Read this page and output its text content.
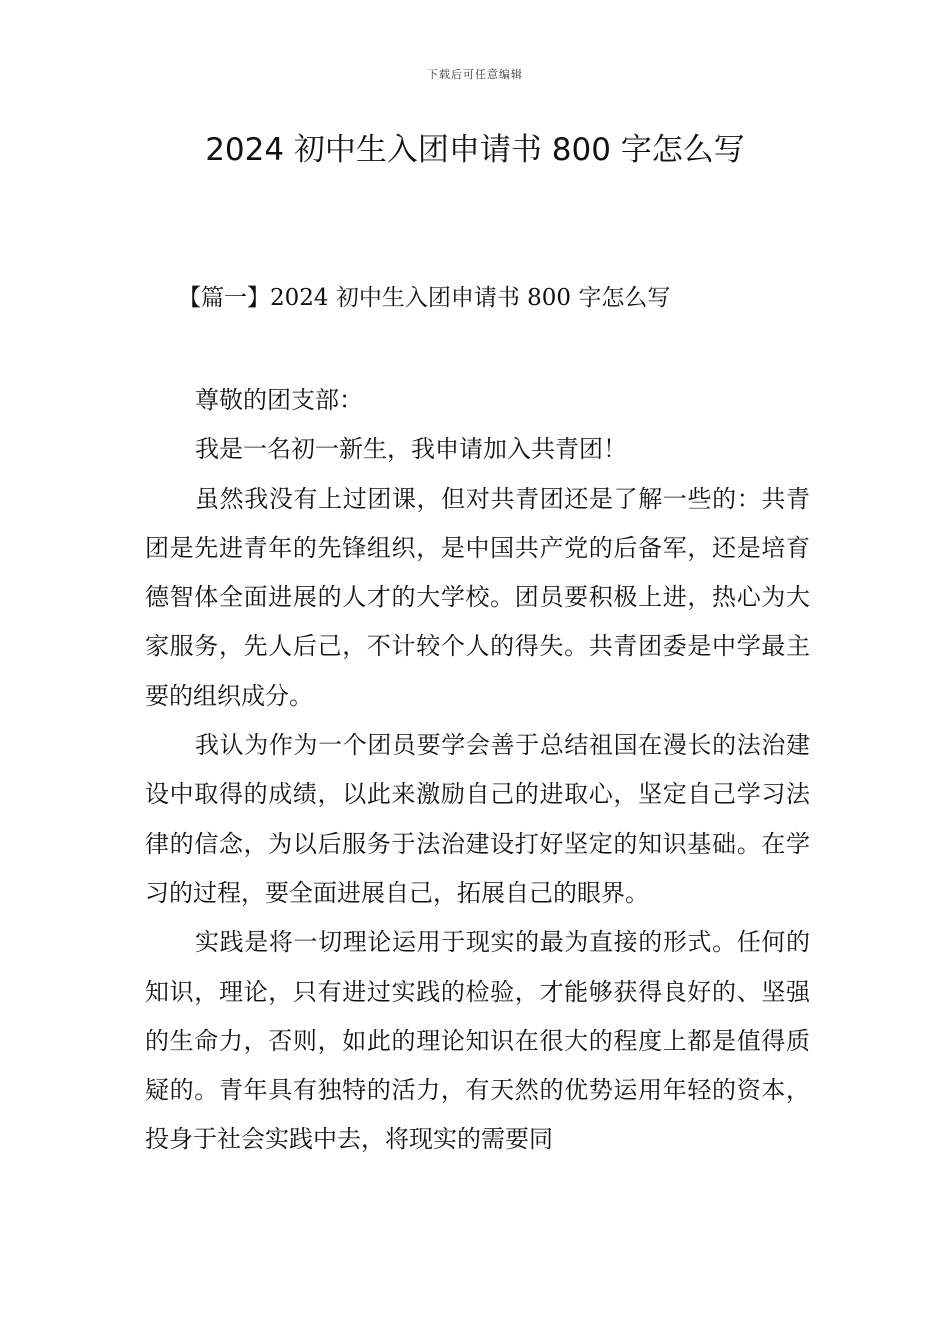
下载后可任意编辑
2024 初中生入团申请书 800 字怎么写
【篇一】2024 初中生入团申请书 800 字怎么写

尊敬的团支部：

我是一名初一新生，我申请加入共青团！

虽然我没有上过团课，但对共青团还是了解一些的：共青团是先进青年的先锋组织，是中国共产党的后备军，还是培育德智体全面进展的人才的大学校。团员要积极上进，热心为大家服务，先人后己，不计较个人的得失。共青团委是中学最主要的组织成分。

我认为作为一个团员要学会善于总结祖国在漫长的法治建设中取得的成绩，以此来激励自己的进取心，坚定自己学习法律的信念，为以后服务于法治建设打好坚定的知识基础。在学习的过程，要全面进展自己，拓展自己的眼界。

实践是将一切理论运用于现实的最为直接的形式。任何的知识，理论，只有进过实践的检验，才能够获得良好的、坚强的生命力，否则，如此的理论知识在很大的程度上都是值得质疑的。青年具有独特的活力，有天然的优势运用年轻的资本，投身于社会实践中去，将现实的需要同
